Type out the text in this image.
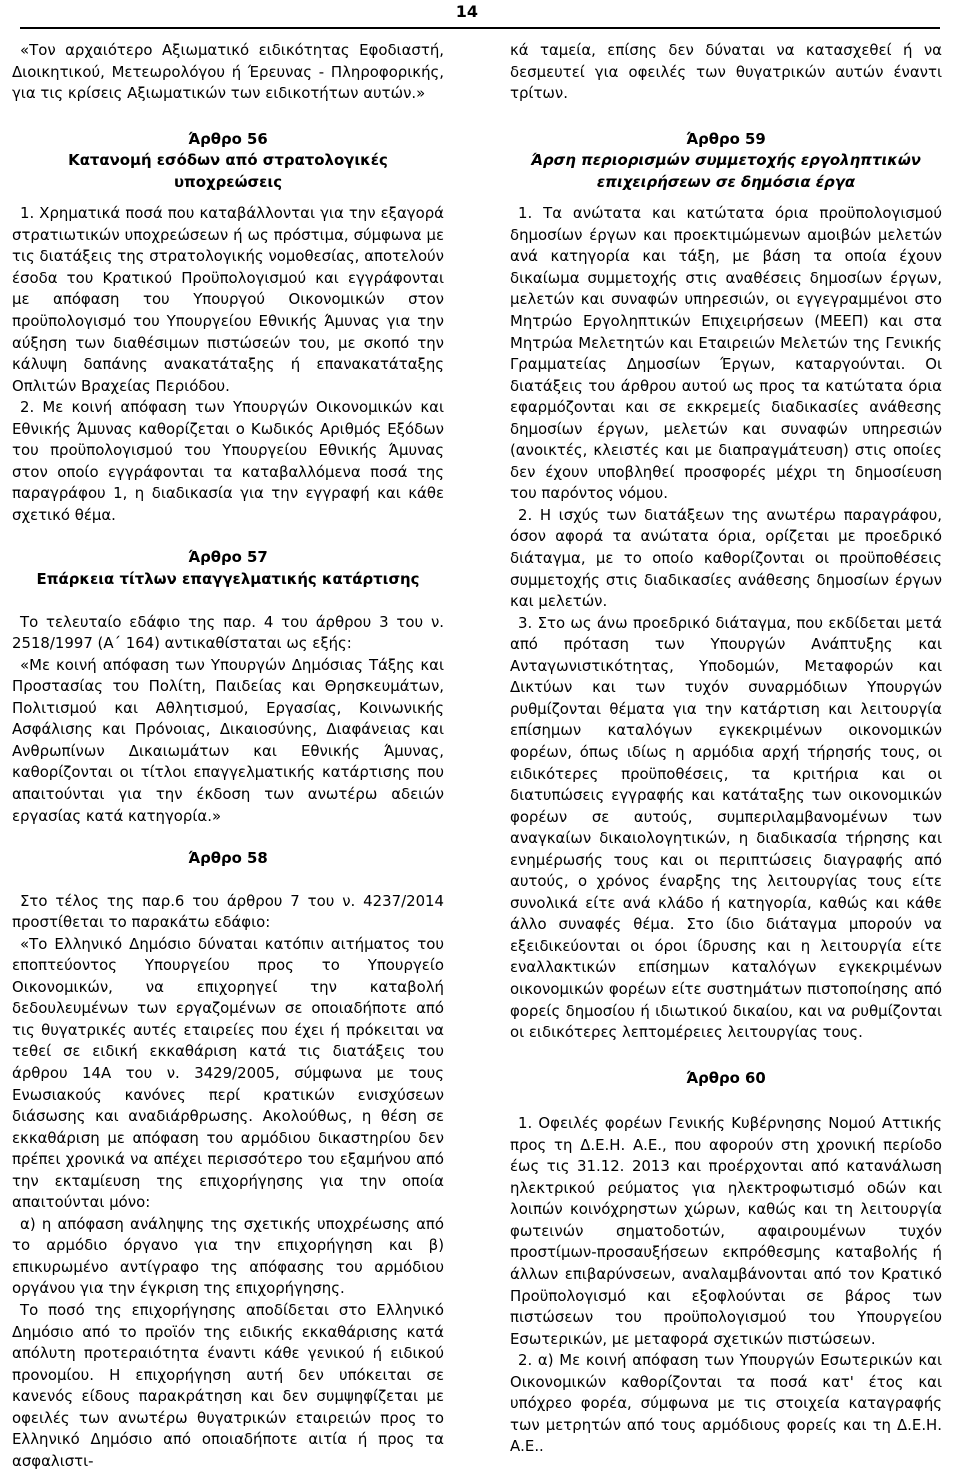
14

«Τον αρχαιότερο Αξιωματικό ειδικότητας Εφοδιαστή, Διοικητικού, Μετεωρολόγου ή Έρευνας - Πληροφορικής, για τις κρίσεις Αξιωματικών των ειδικοτήτων αυτών.»

Άρθρο 56

Κατανομή εσόδων από στρατολογικές υποχρεώσεις

1. Χρηματικά ποσά που καταβάλλονται για την εξαγορά στρατιωτικών υποχρεώσεων ή ως πρόστιμα, σύμφωνα με τις διατάξεις της στρατολογικής νομοθεσίας, αποτελούν έσοδα του Κρατικού Προϋπολογισμού και εγγράφονται με απόφαση του Υπουργού Οικονομικών στον προϋπολογισμό του Υπουργείου Εθνικής Άμυνας για την αύξηση των διαθέσιμων πιστώσεών του, με σκοπό την κάλυψη δαπάνης ανακατάταξης ή επανακατάταξης Οπλιτών Βραχείας Περιόδου.

2. Με κοινή απόφαση των Υπουργών Οικονομικών και Εθνικής Άμυνας καθορίζεται ο Κωδικός Αριθμός Εξόδων του προϋπολογισμού του Υπουργείου Εθνικής Άμυνας στον οποίο εγγράφονται τα καταβαλλόμενα ποσά της παραγράφου 1, η διαδικασία για την εγγραφή και κάθε σχετικό θέμα.

Άρθρο 57

Επάρκεια τίτλων επαγγελματικής κατάρτισης

Το τελευταίο εδάφιο της παρ. 4 του άρθρου 3 του ν. 2518/1997 (Α΄ 164) αντικαθίσταται ως εξής:

«Με κοινή απόφαση των Υπουργών Δημόσιας Τάξης και Προστασίας του Πολίτη, Παιδείας και Θρησκευμάτων, Πολιτισμού και Αθλητισμού, Εργασίας, Κοινωνικής Ασφάλισης και Πρόνοιας, Δικαιοσύνης, Διαφάνειας και Ανθρωπίνων Δικαιωμάτων και Εθνικής Άμυνας, καθορίζονται οι τίτλοι επαγγελματικής κατάρτισης που απαιτούνται για την έκδοση των ανωτέρω αδειών εργασίας κατά κατηγορία.»

Άρθρο 58

Στο τέλος της παρ.6 του άρθρου 7 του ν. 4237/2014 προστίθεται το παρακάτω εδάφιο:

«Το Ελληνικό Δημόσιο δύναται κατόπιν αιτήματος του εποπτεύοντος Υπουργείου προς το Υπουργείο Οικονομικών, να επιχορηγεί την καταβολή δεδουλευμένων των εργαζομένων σε οποιαδήποτε από τις θυγατρικές αυτές εταιρείες που έχει ή πρόκειται να τεθεί σε ειδική εκκαθάριση κατά τις διατάξεις του άρθρου 14Α του ν. 3429/2005, σύμφωνα με τους Ενωσιακούς κανόνες περί κρατικών ενισχύσεων διάσωσης και αναδιάρθρωσης. Ακολούθως, η θέση σε εκκαθάριση με απόφαση του αρμόδιου δικαστηρίου δεν πρέπει χρονικά να απέχει περισσότερο του εξαμήνου από την εκταμίευση της επιχορήγησης για την οποία απαιτούνται μόνο:

α) η απόφαση ανάληψης της σχετικής υποχρέωσης από το αρμόδιο όργανο για την επιχορήγηση και β) επικυρωμένο αντίγραφο της απόφασης του αρμόδιου οργάνου για την έγκριση της επιχορήγησης.

Το ποσό της επιχορήγησης αποδίδεται στο Ελληνικό Δημόσιο από το προϊόν της ειδικής εκκαθάρισης κατά απόλυτη προτεραιότητα έναντι κάθε γενικού ή ειδικού προνομίου. Η επιχορήγηση αυτή δεν υπόκειται σε κανενός είδους παρακράτηση και δεν συμψηφίζεται με οφειλές των ανωτέρω θυγατρικών εταιρειών προς το Ελληνικό Δημόσιο από οποιαδήποτε αιτία ή προς τα ασφαλιστι-

κά ταμεία, επίσης δεν δύναται να κατασχεθεί ή να δεσμευτεί για οφειλές των θυγατρικών αυτών έναντι τρίτων.

Άρθρο 59

Άρση περιορισμών συμμετοχής εργοληπτικών επιχειρήσεων σε δημόσια έργα

1. Τα ανώτατα και κατώτατα όρια προϋπολογισμού δημοσίων έργων και προεκτιμώμενων αμοιβών μελετών ανά κατηγορία και τάξη, με βάση τα οποία έχουν δικαίωμα συμμετοχής στις αναθέσεις δημοσίων έργων, μελετών και συναφών υπηρεσιών, οι εγγεγραμμένοι στο Μητρώο Εργοληπτικών Επιχειρήσεων (ΜΕΕΠ) και στα Μητρώα Μελετητών και Εταιρειών Μελετών της Γενικής Γραμματείας Δημοσίων Έργων, καταργούνται. Οι διατάξεις του άρθρου αυτού ως προς τα κατώτατα όρια εφαρμόζονται και σε εκκρεμείς διαδικασίες ανάθεσης δημοσίων έργων, μελετών και συναφών υπηρεσιών (ανοικτές, κλειστές και με διαπραγμάτευση) στις οποίες δεν έχουν υποβληθεί προσφορές μέχρι τη δημοσίευση του παρόντος νόμου.

2. Η ισχύς των διατάξεων της ανωτέρω παραγράφου, όσον αφορά τα ανώτατα όρια, ορίζεται με προεδρικό διάταγμα, με το οποίο καθορίζονται οι προϋποθέσεις συμμετοχής στις διαδικασίες ανάθεσης δημοσίων έργων και μελετών.

3. Στο ως άνω προεδρικό διάταγμα, που εκδίδεται μετά από πρόταση των Υπουργών Ανάπτυξης και Ανταγωνιστικότητας, Υποδομών, Μεταφορών και Δικτύων και των τυχόν συναρμόδιων Υπουργών ρυθμίζονται θέματα για την κατάρτιση και λειτουργία επίσημων καταλόγων εγκεκριμένων οικονομικών φορέων, όπως ιδίως η αρμόδια αρχή τήρησής τους, οι ειδικότερες προϋποθέσεις, τα κριτήρια και οι διατυπώσεις εγγραφής και κατάταξης των οικονομικών φορέων σε αυτούς, συμπεριλαμβανομένων των αναγκαίων δικαιολογητικών, η διαδικασία τήρησης και ενημέρωσής τους και οι περιπτώσεις διαγραφής από αυτούς, ο χρόνος έναρξης της λειτουργίας τους είτε συνολικά είτε ανά κλάδο ή κατηγορία, καθώς και κάθε άλλο συναφές θέμα. Στο ίδιο διάταγμα μπορούν να εξειδικεύονται οι όροι ίδρυσης και η λειτουργία είτε εναλλακτικών επίσημων καταλόγων εγκεκριμένων οικονομικών φορέων είτε συστημάτων πιστοποίησης από φορείς δημοσίου ή ιδιωτικού δικαίου, και να ρυθμίζονται οι ειδικότερες λεπτομέρειες λειτουργίας τους.

Άρθρο 60

1. Οφειλές φορέων Γενικής Κυβέρνησης Νομού Αττικής προς τη Δ.Ε.Η. Α.Ε., που αφορούν στη χρονική περίοδο έως τις 31.12. 2013 και προέρχονται από κατανάλωση ηλεκτρικού ρεύματος για ηλεκτροφωτισμό οδών και λοιπών κοινόχρηστων χώρων, καθώς και τη λειτουργία φωτεινών σηματοδοτών, αφαιρουμένων τυχόν προστίμων-προσαυξήσεων εκπρόθεσμης καταβολής ή άλλων επιβαρύνσεων, αναλαμβάνονται από τον Κρατικό Προϋπολογισμό και εξοφλούνται σε βάρος των πιστώσεων του προϋπολογισμού του Υπουργείου Εσωτερικών, με μεταφορά σχετικών πιστώσεων.

2. α) Με κοινή απόφαση των Υπουργών Εσωτερικών και Οικονομικών καθορίζονται τα ποσά κατ' έτος και υπόχρεο φορέα, σύμφωνα με τις στοιχεία καταγραφής των μετρητών από τους αρμόδιους φορείς και τη Δ.Ε.Η. Α.Ε..
